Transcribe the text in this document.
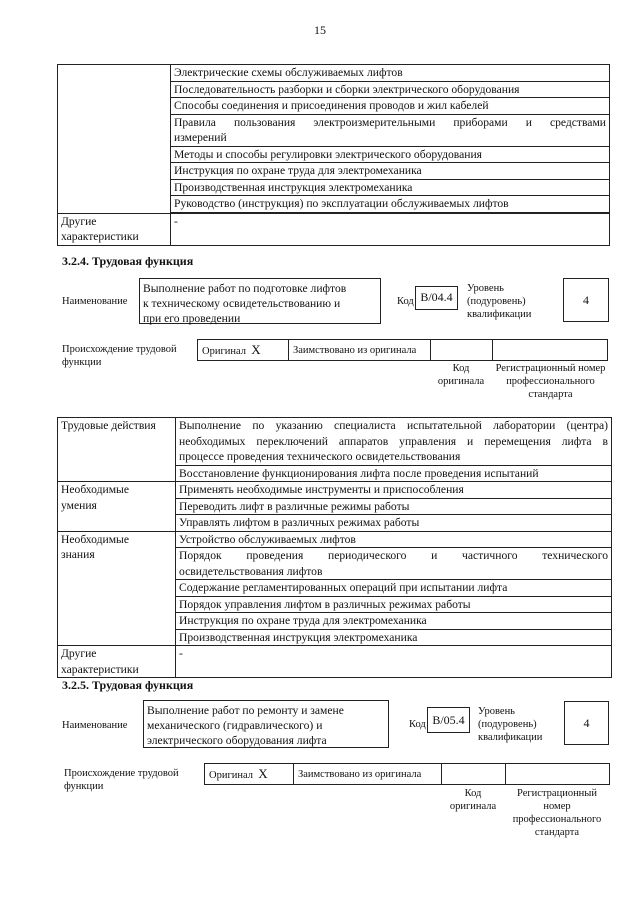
15
	Электрические схемы обслуживаемых лифтов
	Последовательность разборки и сборки электрического оборудования
	Способы соединения и присоединения проводов и жил кабелей

	Правила пользования электроизмерительными приборами и средствами
измерений

	Методы и способы регулировки электрического оборудования
	Инструкция по охране труда для электромеханика
	Производственная инструкция электромеханика
	Руководство (инструкция) по эксплуатации обслуживаемых лифтов

Другие
характеристики	-
3.2.4. Трудовая функция
Наименование
Выполнение работ по подготовке лифтов
к техническому освидетельствованию и
при его проведении
Код B/04.4
Уровень
(подуровень)
квалификации
4
Происхождение трудовой
функции
Оригинал X	Заимствовано из оригинала		
Код
оригинала
Регистрационный номер
профессионального
стандарта
Трудовые действия	Выполнение по указанию специалиста испытательной лаборатории (центра)
необходимых переключений аппаратов управления и перемещения лифта в
процессе проведения технического освидетельствования

	Восстановление функционирования лифта после проведения испытаний

Необходимые
умения	Применять необходимые инструменты и приспособления
	Переводить лифт в различные режимы работы
	Управлять лифтом в различных режимах работы

Необходимые
знания	Устройство обслуживаемых лифтов

	Порядок проведения периодического и частичного технического
освидетельствования лифтов

	Содержание регламентированных операций при испытании лифта
	Порядок управления лифтом в различных режимах работы
	Инструкция по охране труда для электромеханика
	Производственная инструкция электромеханика

Другие
характеристики	-
3.2.5. Трудовая функция
Наименование
Выполнение работ по ремонту и замене
механического (гидравлического) и
электрического оборудования лифта
Код B/05.4
Уровень
(подуровень)
квалификации
4
Происхождение трудовой
функции
Оригинал X	Заимствовано из оригинала		
Код
оригинала
Регистрационный
номер
профессионального
стандарта
